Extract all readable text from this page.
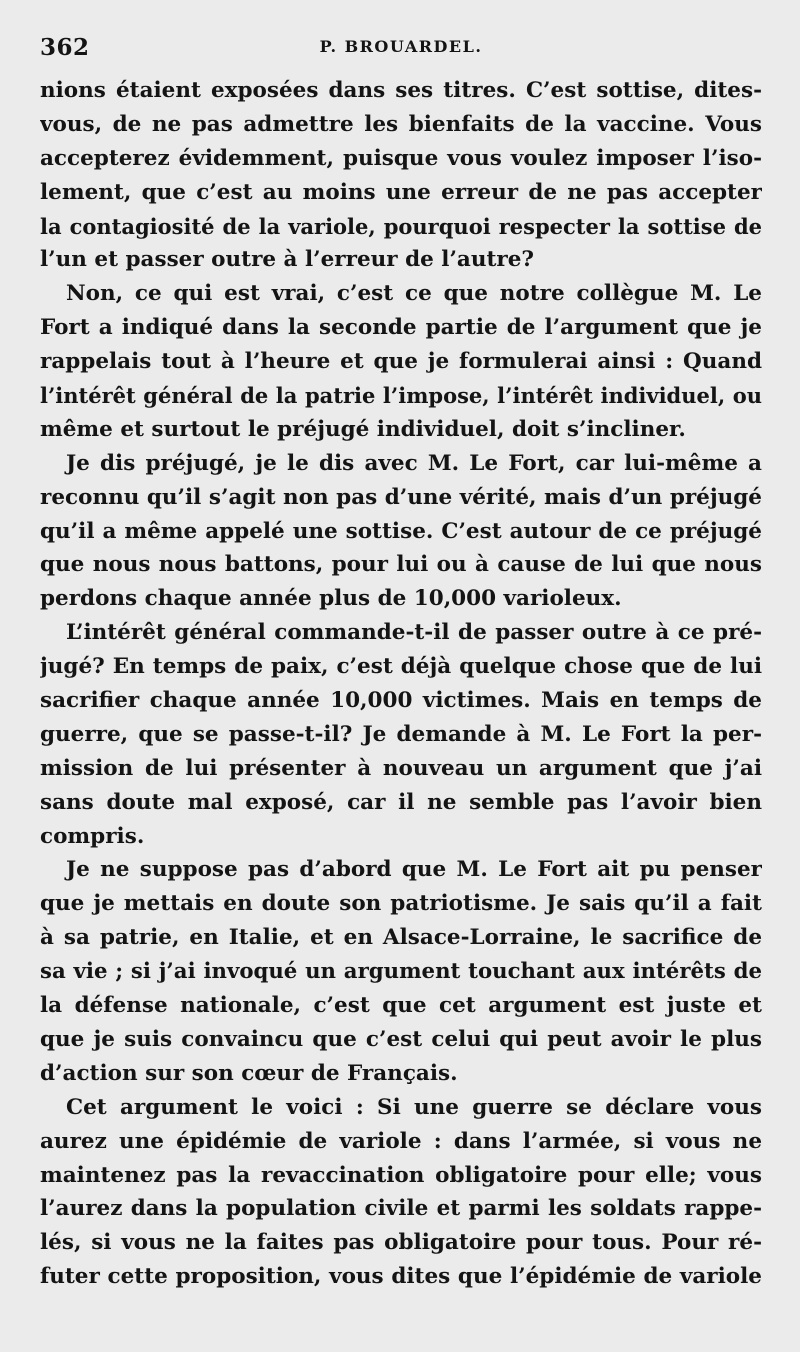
362	P. BROUARDEL.
nions étaient exposées dans ses titres. C’est sottise, dites-
vous, de ne pas admettre les bienfaits de la vaccine. Vous
accepterez évidemment, puisque vous voulez imposer l’iso-
lement, que c’est au moins une erreur de ne pas accepter
la contagiosité de la variole, pourquoi respecter la sottise de
l’un et passer outre à l’erreur de l’autre?
Non, ce qui est vrai, c’est ce que notre collègue M. Le
Fort a indiqué dans la seconde partie de l’argument que je
rappelais tout à l’heure et que je formulerai ainsi : Quand
l’intérêt général de la patrie l’impose, l’intérêt individuel, ou
même et surtout le préjugé individuel, doit s’incliner.
Je dis préjugé, je le dis avec M. Le Fort, car lui-même a
reconnu qu’il s’agit non pas d’une vérité, mais d’un préjugé
qu’il a même appelé une sottise. C’est autour de ce préjugé
que nous nous battons, pour lui ou à cause de lui que nous
perdons chaque année plus de 10,000 varioleux.
L’intérêt général commande-t-il de passer outre à ce pré-
jugé? En temps de paix, c’est déjà quelque chose que de lui
sacrifier chaque année 10,000 victimes. Mais en temps de
guerre, que se passe-t-il? Je demande à M. Le Fort la per-
mission de lui présenter à nouveau un argument que j’ai
sans doute mal exposé, car il ne semble pas l’avoir bien
compris.
Je ne suppose pas d’abord que M. Le Fort ait pu penser
que je mettais en doute son patriotisme. Je sais qu’il a fait
à sa patrie, en Italie, et en Alsace-Lorraine, le sacrifice de
sa vie ; si j’ai invoqué un argument touchant aux intérêts de
la défense nationale, c’est que cet argument est juste et
que je suis convaincu que c’est celui qui peut avoir le plus
d’action sur son cœur de Français.
Cet argument le voici : Si une guerre se déclare vous
aurez une épidémie de variole : dans l’armée, si vous ne
maintenez pas la revaccination obligatoire pour elle; vous
l’aurez dans la population civile et parmi les soldats rappe-
lés, si vous ne la faites pas obligatoire pour tous. Pour ré-
futer cette proposition, vous dites que l’épidémie de variole
